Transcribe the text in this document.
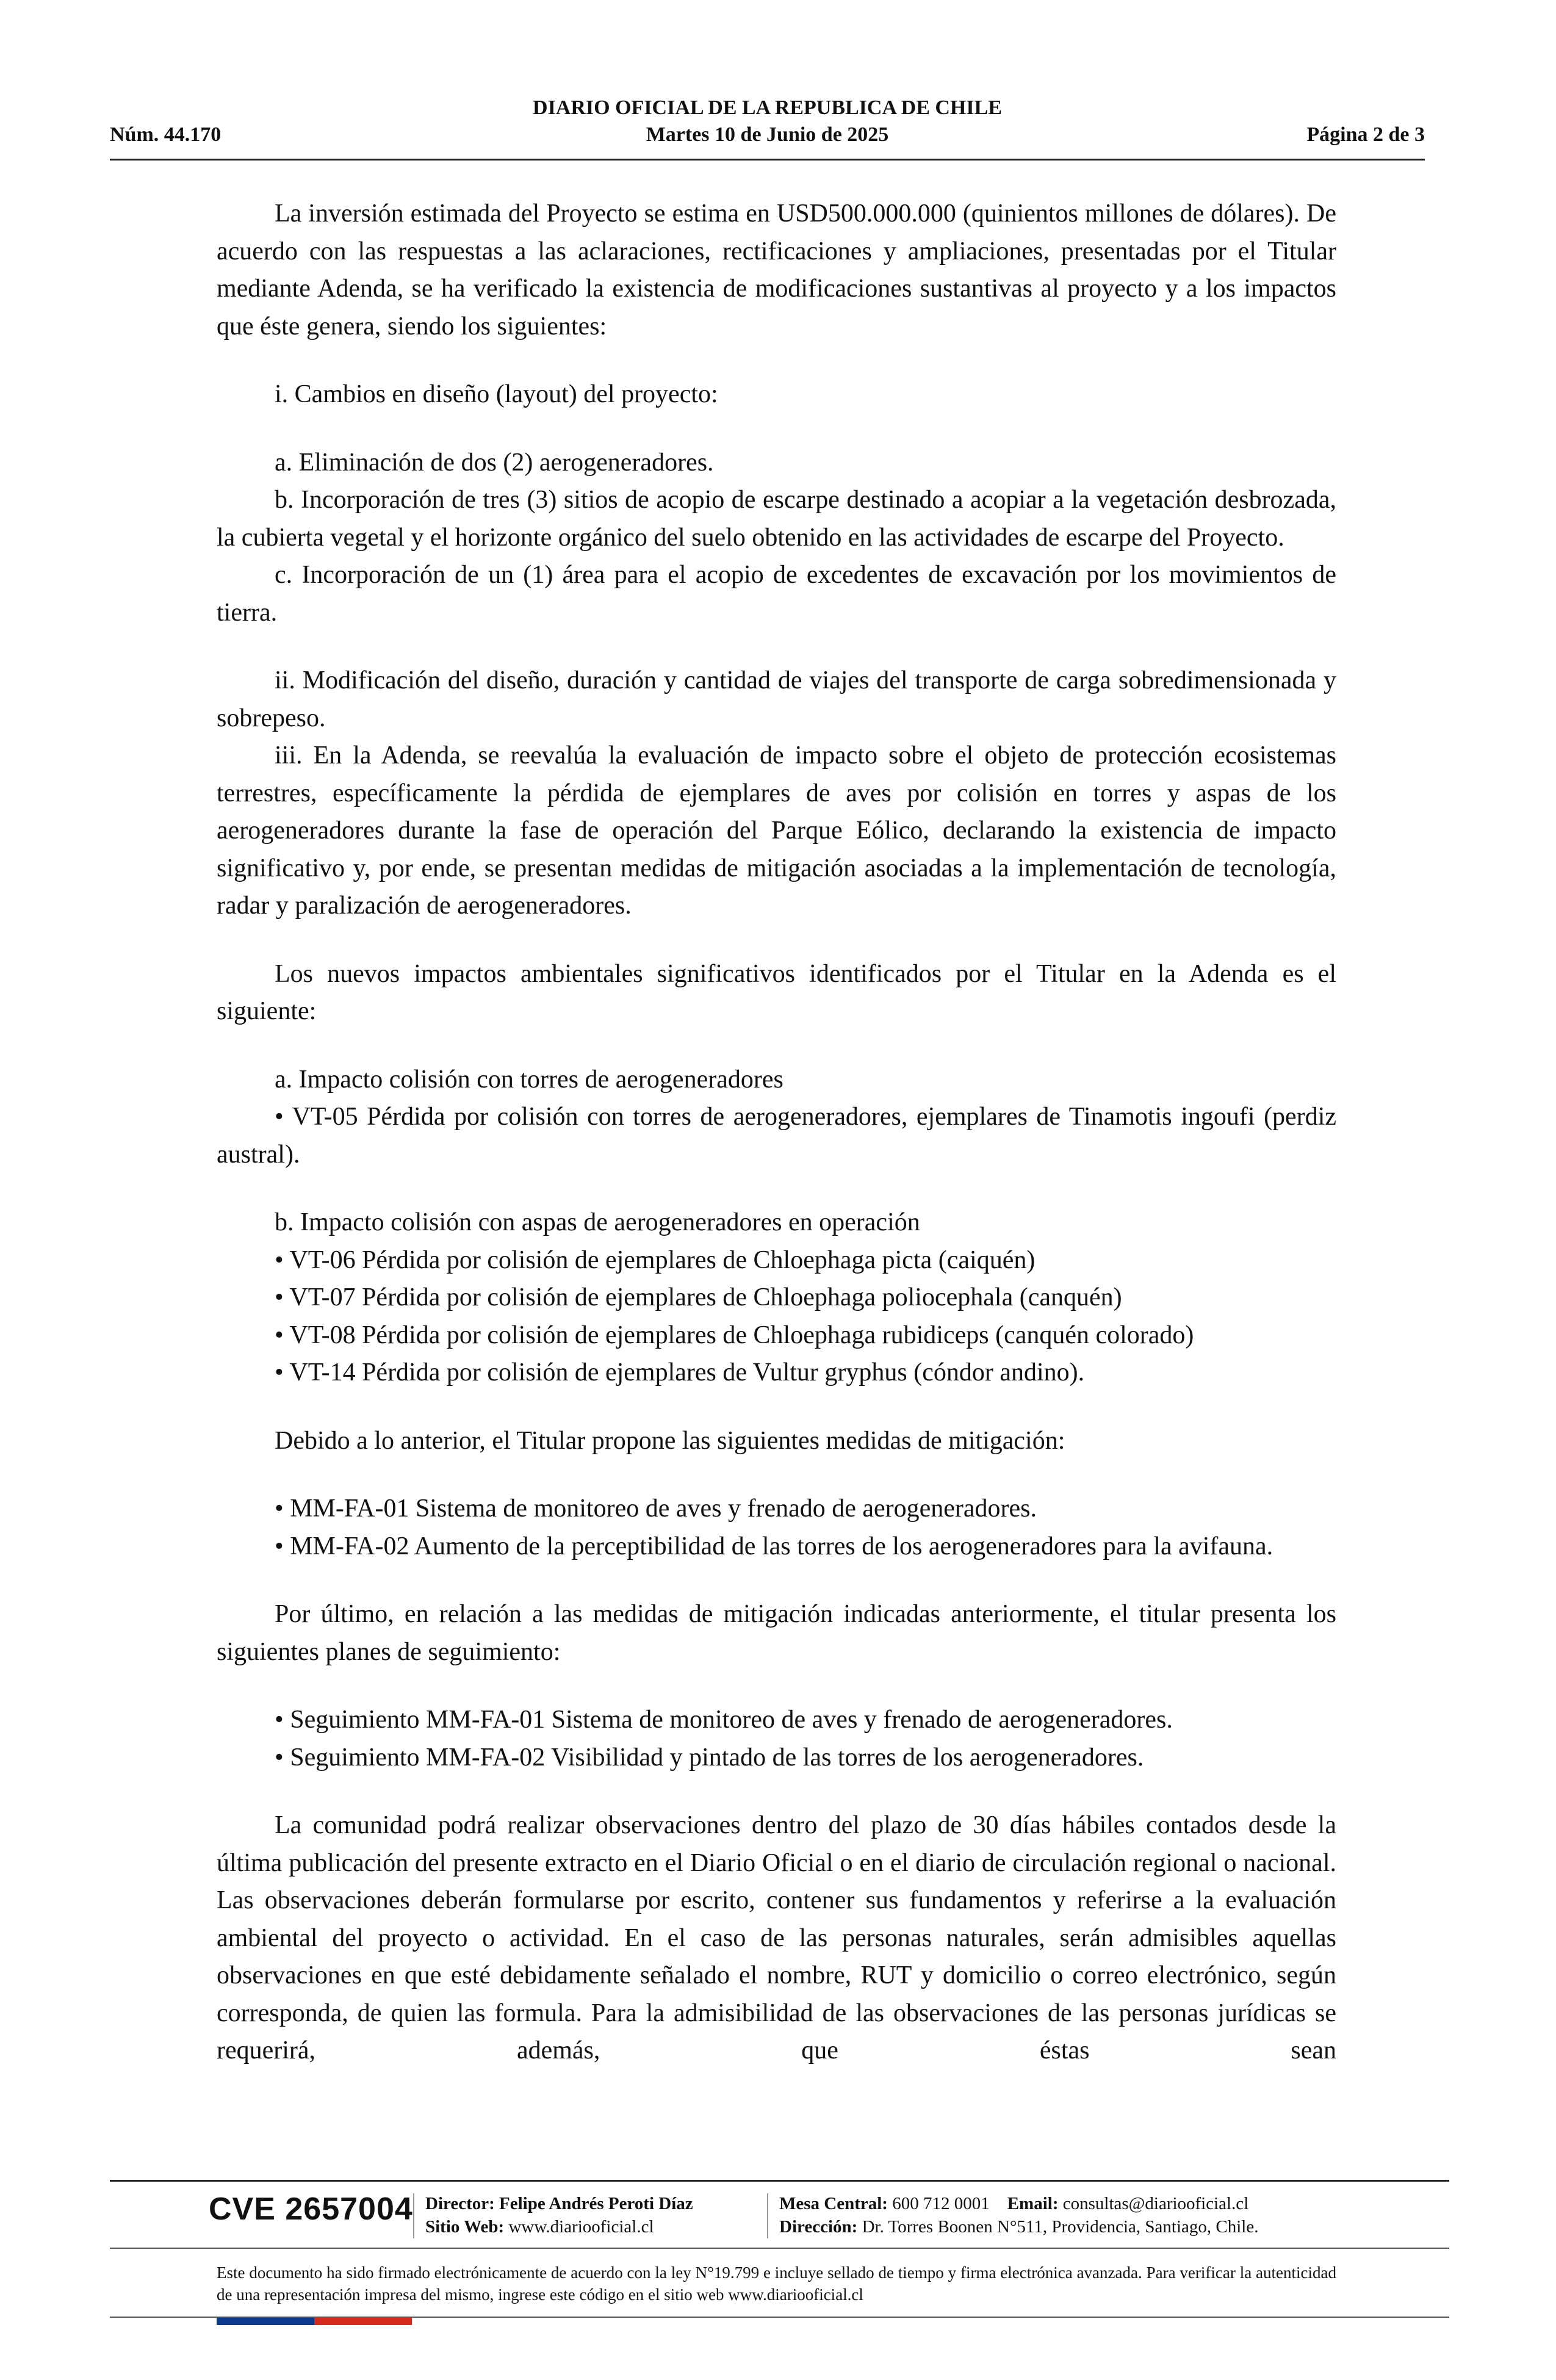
DIARIO OFICIAL DE LA REPUBLICA DE CHILE
Martes 10 de Junio de 2025
Núm. 44.170	Página 2 de 3

La inversión estimada del Proyecto se estima en USD500.000.000 (quinientos millones de dólares). De acuerdo con las respuestas a las aclaraciones, rectificaciones y ampliaciones, presentadas por el Titular mediante Adenda, se ha verificado la existencia de modificaciones sustantivas al proyecto y a los impactos que éste genera, siendo los siguientes:

i. Cambios en diseño (layout) del proyecto:

a. Eliminación de dos (2) aerogeneradores.

b. Incorporación de tres (3) sitios de acopio de escarpe destinado a acopiar a la vegetación desbrozada, la cubierta vegetal y el horizonte orgánico del suelo obtenido en las actividades de escarpe del Proyecto.

c. Incorporación de un (1) área para el acopio de excedentes de excavación por los movimientos de tierra.

ii. Modificación del diseño, duración y cantidad de viajes del transporte de carga sobredimensionada y sobrepeso.

iii. En la Adenda, se reevalúa la evaluación de impacto sobre el objeto de protección ecosistemas terrestres, específicamente la pérdida de ejemplares de aves por colisión en torres y aspas de los aerogeneradores durante la fase de operación del Parque Eólico, declarando la existencia de impacto significativo y, por ende, se presentan medidas de mitigación asociadas a la implementación de tecnología, radar y paralización de aerogeneradores.

Los nuevos impactos ambientales significativos identificados por el Titular en la Adenda es el siguiente:

a. Impacto colisión con torres de aerogeneradores

• VT-05 Pérdida por colisión con torres de aerogeneradores, ejemplares de Tinamotis ingoufi (perdiz austral).

b. Impacto colisión con aspas de aerogeneradores en operación

• VT-06 Pérdida por colisión de ejemplares de Chloephaga picta (caiquén)

• VT-07 Pérdida por colisión de ejemplares de Chloephaga poliocephala (canquén)

• VT-08 Pérdida por colisión de ejemplares de Chloephaga rubidiceps (canquén colorado)

• VT-14 Pérdida por colisión de ejemplares de Vultur gryphus (cóndor andino).

Debido a lo anterior, el Titular propone las siguientes medidas de mitigación:

• MM-FA-01 Sistema de monitoreo de aves y frenado de aerogeneradores.

• MM-FA-02 Aumento de la perceptibilidad de las torres de los aerogeneradores para la avifauna.

Por último, en relación a las medidas de mitigación indicadas anteriormente, el titular presenta los siguientes planes de seguimiento:

• Seguimiento MM-FA-01 Sistema de monitoreo de aves y frenado de aerogeneradores.

• Seguimiento MM-FA-02 Visibilidad y pintado de las torres de los aerogeneradores.

La comunidad podrá realizar observaciones dentro del plazo de 30 días hábiles contados desde la última publicación del presente extracto en el Diario Oficial o en el diario de circulación regional o nacional. Las observaciones deberán formularse por escrito, contener sus fundamentos y referirse a la evaluación ambiental del proyecto o actividad. En el caso de las personas naturales, serán admisibles aquellas observaciones en que esté debidamente señalado el nombre, RUT y domicilio o correo electrónico, según corresponda, de quien las formula. Para la admisibilidad de las observaciones de las personas jurídicas se requerirá, además, que éstas sean

CVE 2657004 Director: Felipe Andrés Peroti Díaz
Sitio Web: www.diariooficial.cl
Mesa Central: 600 712 0001 Email: consultas@diariooficial.cl
Dirección: Dr. Torres Boonen N°511, Providencia, Santiago, Chile.
Este documento ha sido firmado electrónicamente de acuerdo con la ley N°19.799 e incluye sellado de tiempo y firma electrónica avanzada. Para verificar la autenticidad de una representación impresa del mismo, ingrese este código en el sitio web www.diariooficial.cl
